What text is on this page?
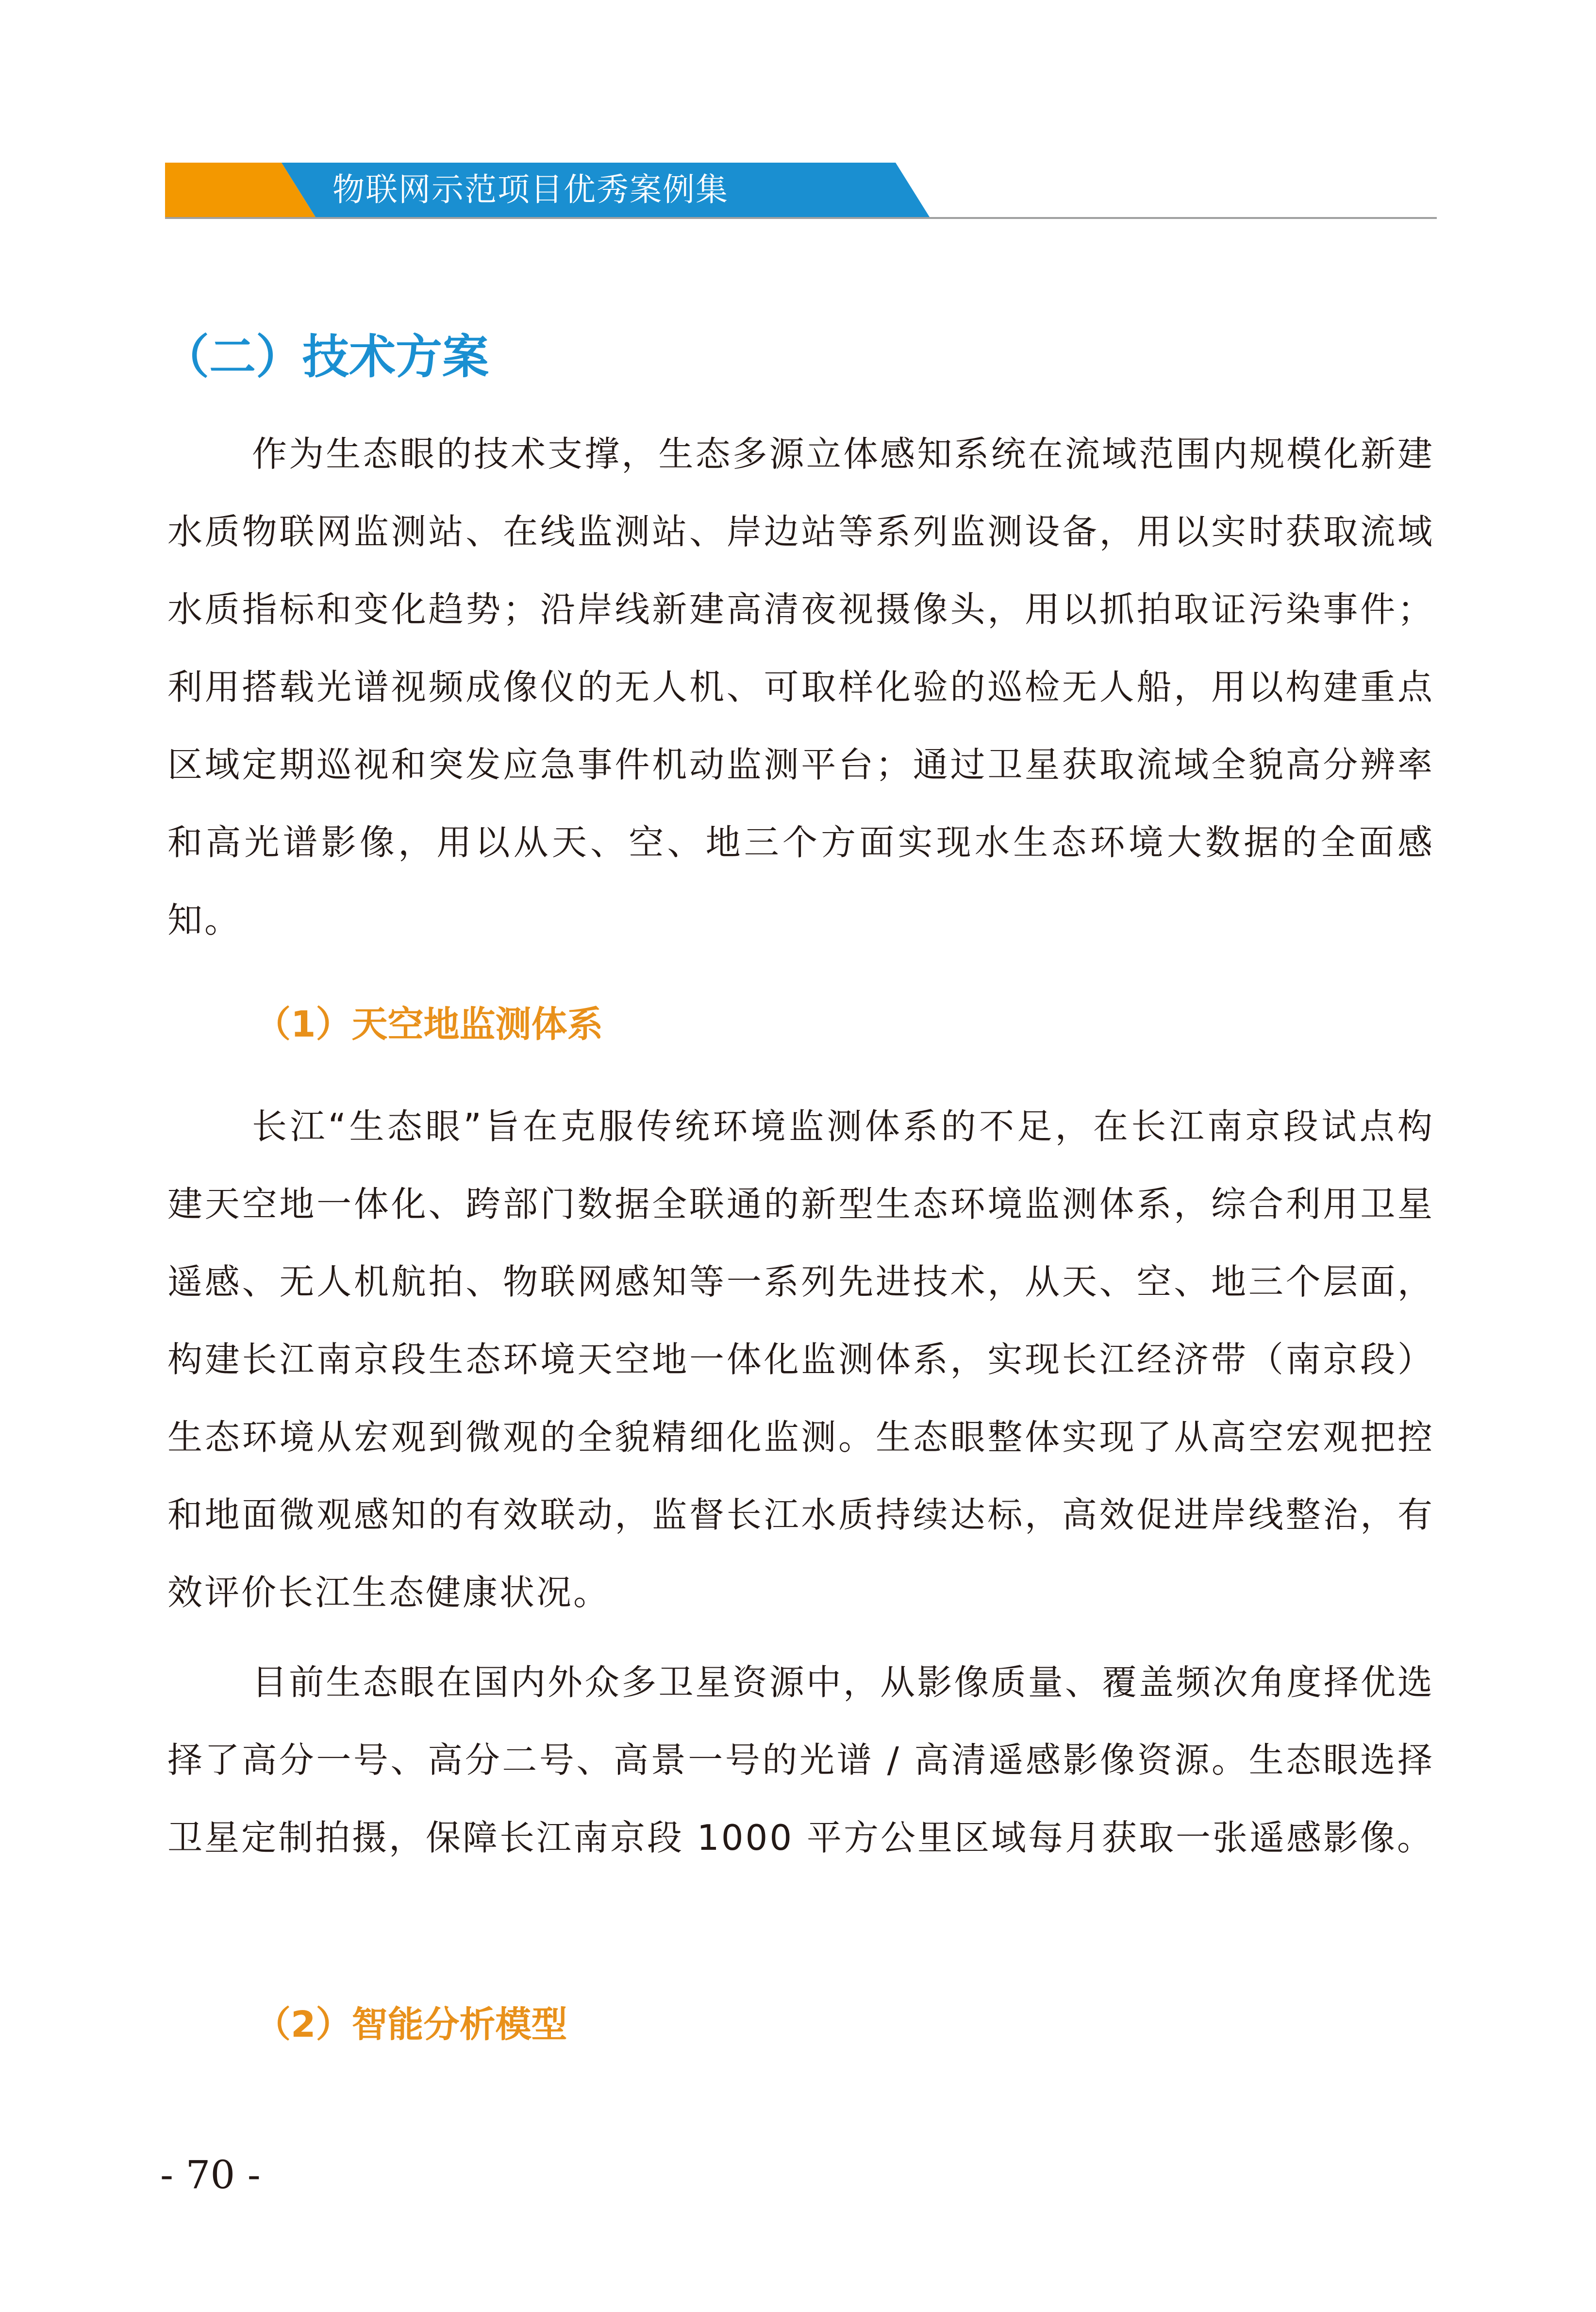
物联网示范项目优秀案例集
（二）技术方案

作为生态眼的技术支撑，生态多源立体感知系统在流域范围内规模化新建水质物联网监测站、在线监测站、岸边站等系列监测设备，用以实时获取流域水质指标和变化趋势；沿岸线新建高清夜视摄像头，用以抓拍取证污染事件；利用搭载光谱视频成像仪的无人机、可取样化验的巡检无人船，用以构建重点区域定期巡视和突发应急事件机动监测平台；通过卫星获取流域全貌高分辨率和高光谱影像，用以从天、空、地三个方面实现水生态环境大数据的全面感知。

（1）天空地监测体系

长江“生态眼”旨在克服传统环境监测体系的不足，在长江南京段试点构建天空地一体化、跨部门数据全联通的新型生态环境监测体系，综合利用卫星遥感、无人机航拍、物联网感知等一系列先进技术，从天、空、地三个层面，构建长江南京段生态环境天空地一体化监测体系，实现长江经济带（南京段）生态环境从宏观到微观的全貌精细化监测。生态眼整体实现了从高空宏观把控和地面微观感知的有效联动，监督长江水质持续达标，高效促进岸线整治，有效评价长江生态健康状况。

目前生态眼在国内外众多卫星资源中，从影像质量、覆盖频次角度择优选择了高分一号、高分二号、高景一号的光谱 / 高清遥感影像资源。生态眼选择卫星定制拍摄，保障长江南京段 1000 平方公里区域每月获取一张遥感影像。

（2）智能分析模型
- 70 -
